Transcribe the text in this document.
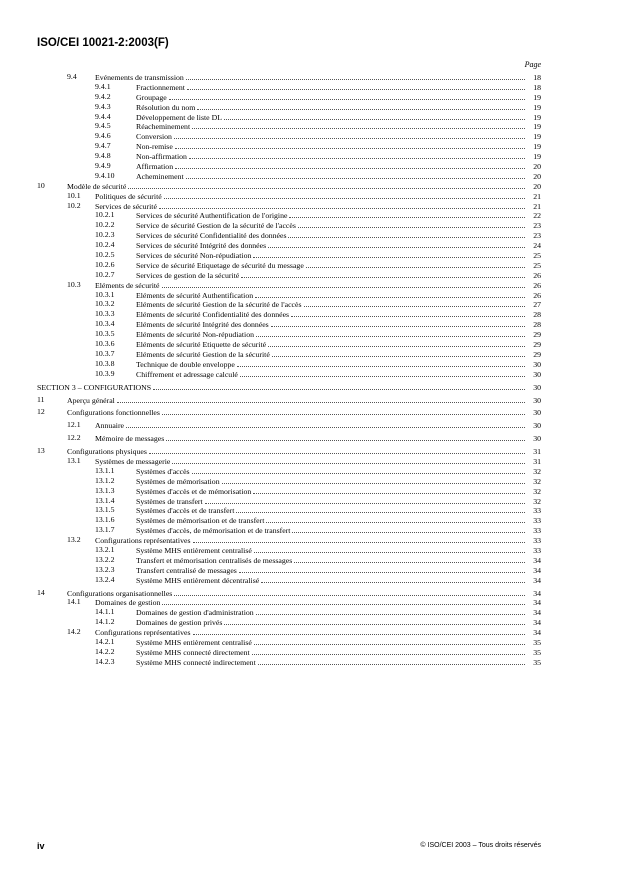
ISO/CEI 10021-2:2003(F)
Page
9.4 Evénements de transmission	18
9.4.1	Fractionnement	18
9.4.2	Groupage	19
9.4.3	Résolution du nom	19
9.4.4	Développement de liste DL	19
9.4.5	Réacheminement	19
9.4.6	Conversion	19
9.4.7	Non-remise	19
9.4.8	Non-affirmation	19
9.4.9	Affirmation	20
9.4.10	Acheminement	20
10	Modèle de sécurité	20
10.1 Politiques de sécurité	21
10.2 Services de sécurité	21
10.2.1	Services de sécurité Authentification de l'origine	22
10.2.2	Service de sécurité Gestion de la sécurité de l'accès	23
10.2.3	Services de sécurité Confidentialité des données	23
10.2.4	Services de sécurité Intégrité des données	24
10.2.5	Services de sécurité Non-répudiation	25
10.2.6	Service de sécurité Etiquetage de sécurité du message	25
10.2.7	Services de gestion de la sécurité	26
10.3 Eléments de sécurité	26
10.3.1	Eléments de sécurité Authentification	26
10.3.2	Eléments de sécurité Gestion de la sécurité de l'accès	27
10.3.3	Eléments de sécurité Confidentialité des données	28
10.3.4	Eléments de sécurité Intégrité des données	28
10.3.5	Eléments de sécurité Non-répudiation	29
10.3.6	Eléments de sécurité Etiquette de sécurité	29
10.3.7	Eléments de sécurité Gestion de la sécurité	29
10.3.8	Technique de double enveloppe	30
10.3.9	Chiffrement et adressage calculé	30
SECTION 3 – CONFIGURATIONS	30
11	Aperçu général	30
12	Configurations fonctionnelles	30
12.1 Annuaire	30
12.2 Mémoire de messages	30
13	Configurations physiques	31
13.1 Systèmes de messagerie	31
13.1.1	Systèmes d'accès	32
13.1.2	Systèmes de mémorisation	32
13.1.3	Systèmes d'accès et de mémorisation	32
13.1.4	Systèmes de transfert	32
13.1.5	Systèmes d'accès et de transfert	33
13.1.6	Systèmes de mémorisation et de transfert	33
13.1.7	Systèmes d'accès, de mémorisation et de transfert	33
13.2 Configurations représentatives	33
13.2.1	Système MHS entièrement centralisé	33
13.2.2	Transfert et mémorisation centralisés de messages	34
13.2.3	Transfert centralisé de messages	34
13.2.4	Système MHS entièrement décentralisé	34
14	Configurations organisationnelles	34
14.1 Domaines de gestion	34
14.1.1	Domaines de gestion d'administration	34
14.1.2	Domaines de gestion privés	34
14.2 Configurations représentatives	34
14.2.1	Système MHS entièrement centralisé	35
14.2.2	Système MHS connecté directement	35
14.2.3	Système MHS connecté indirectement	35
iv	© ISO/CEI 2003 – Tous droits réservés
